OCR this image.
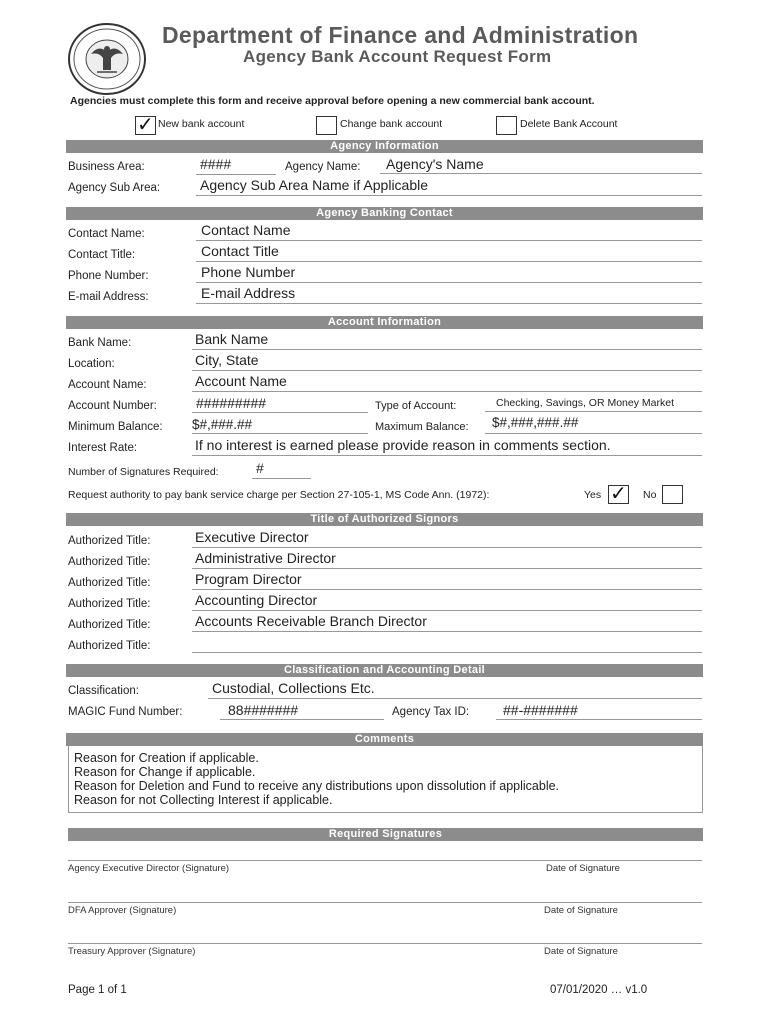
Department of Finance and Administration
Agency Bank Account Request Form
Agencies must complete this form and receive approval before opening a new commercial bank account.
✓ New bank account	Change bank account	Delete Bank Account
Agency Information
Business Area:	####	Agency Name: Agency's Name
Agency Sub Area:	Agency Sub Area Name if Applicable
Agency Banking Contact
Contact Name:	Contact Name
Contact Title:	Contact Title
Phone Number:	Phone Number
E-mail Address:	E-mail Address
Account Information
Bank Name:	Bank Name
Location:	City, State
Account Name:	Account Name
Account Number:	#########	Type of Account:	Checking, Savings, OR Money Market
Minimum Balance: $#,###.##	Maximum Balance: $#,###,###.##
Interest Rate:	If no interest is earned please provide reason in comments section.
Number of Signatures Required:	#
Request authority to pay bank service charge per Section 27-105-1, MS Code Ann. (1972):	Yes ✓ No
Title of Authorized Signors
Authorized Title:	Executive Director
Authorized Title:	Administrative Director
Authorized Title:	Program Director
Authorized Title:	Accounting Director
Authorized Title:	Accounts Receivable Branch Director
Authorized Title:
Classification and Accounting Detail
Classification:	Custodial, Collections Etc.
MAGIC Fund Number:	88#######	Agency Tax ID: ##-#######
Comments
Reason for Creation if applicable.
Reason for Change if applicable.
Reason for Deletion and Fund to receive any distributions upon dissolution if applicable.
Reason for not Collecting Interest if applicable.
Required Signatures
Agency Executive Director (Signature)	Date of Signature
DFA Approver (Signature)	Date of Signature
Treasury Approver (Signature)	Date of Signature
Page 1 of 1	07/01/2020 … v1.0
